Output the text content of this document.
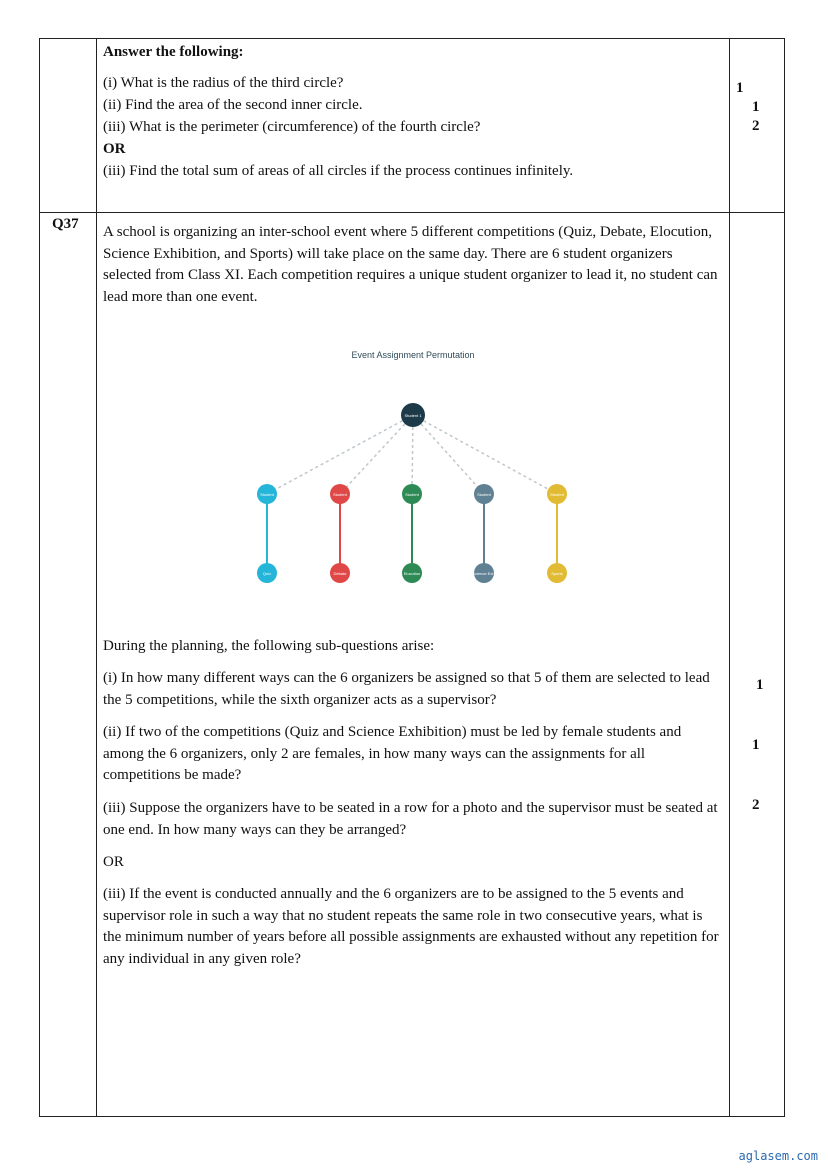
Answer the following:
(i) What is the radius of the third circle?
(ii) Find the area of the second inner circle.
(iii) What is the perimeter (circumference) of the fourth circle?
OR
(iii) Find the total sum of areas of all circles if the process continues infinitely.
1
1
2
Q37 A school is organizing an inter-school event where 5 different competitions (Quiz, Debate, Elocution, Science Exhibition, and Sports) will take place on the same day. There are 6 student organizers selected from Class XI. Each competition requires a unique student organizer to lead it, no student can lead more than one event.
Event Assignment Permutation
Student
Quiz
Student
Debate
Student
Elocution
Student
Science Exh.
Student
Sports
Student 1
During the planning, the following sub-questions arise:
(i) In how many different ways can the 6 organizers be assigned so that 5 of them are selected to lead the 5 competitions, while the sixth organizer acts as a supervisor?
(ii) If two of the competitions (Quiz and Science Exhibition) must be led by female students and among the 6 organizers, only 2 are females, in how many ways can the assignments for all competitions be made?
(iii) Suppose the organizers have to be seated in a row for a photo and the supervisor must be seated at one end. In how many ways can they be arranged?
OR
(iii) If the event is conducted annually and the 6 organizers are to be assigned to the 5 events and supervisor role in such a way that no student repeats the same role in two consecutive years, what is the minimum number of years before all possible assignments are exhausted without any repetition for any individual in any given role?
1
1
2
aglasem.com
